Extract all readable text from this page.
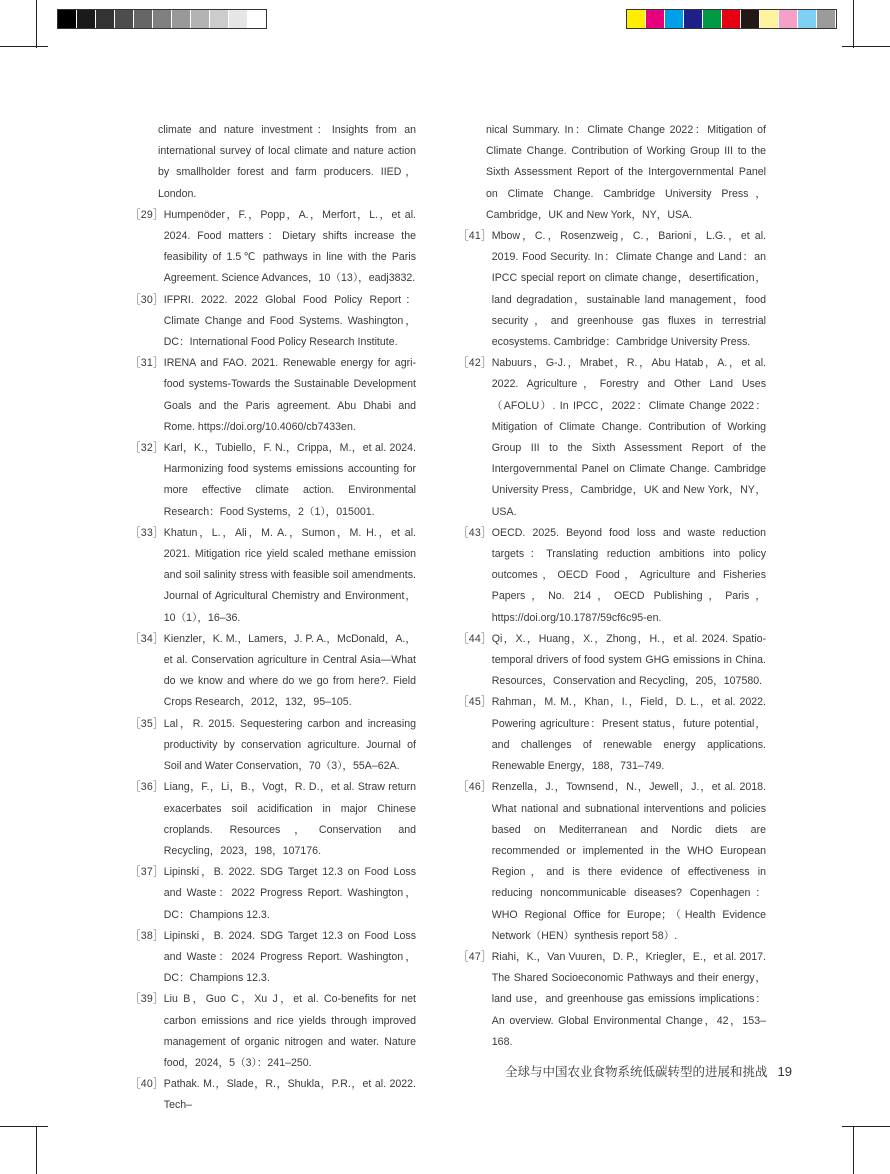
climate and nature investment：Insights from an international survey of local climate and nature action by smallholder forest and farm producers. IIED，London.
［29］ Humpenöder，F.，Popp，A.，Merfort，L.，et al. 2024. Food matters：Dietary shifts increase the feasibility of 1.5℃ pathways in line with the Paris Agreement. Science Advances，10（13），eadj3832.
［30］ IFPRI. 2022. 2022 Global Food Policy Report：Climate Change and Food Systems. Washington，DC：International Food Policy Research Institute.
［31］ IRENA and FAO. 2021. Renewable energy for agri-food systems-Towards the Sustainable Development Goals and the Paris agreement. Abu Dhabi and Rome. https://doi.org/10.4060/cb7433en.
［32］ Karl，K.，Tubiello，F. N.，Crippa，M.，et al. 2024. Harmonizing food systems emissions accounting for more effective climate action. Environmental Research：Food Systems，2（1），015001.
［33］ Khatun，L.，Ali，M. A.，Sumon，M. H.，et al. 2021. Mitigation rice yield scaled methane emission and soil salinity stress with feasible soil amendments. Journal of Agricultural Chemistry and Environment，10（1），16–36.
［34］ Kienzler，K. M.，Lamers，J. P. A.，McDonald，A.，et al. Conservation agriculture in Central Asia—What do we know and where do we go from here?. Field Crops Research，2012，132，95–105.
［35］ Lal，R. 2015. Sequestering carbon and increasing productivity by conservation agriculture. Journal of Soil and Water Conservation，70（3），55A–62A.
［36］ Liang，F.，Li，B.，Vogt，R. D.，et al. Straw return exacerbates soil acidification in major Chinese croplands. Resources，Conservation and Recycling，2023，198，107176.
［37］ Lipinski，B. 2022. SDG Target 12.3 on Food Loss and Waste：2022 Progress Report. Washington，DC：Champions 12.3.
［38］ Lipinski，B. 2024. SDG Target 12.3 on Food Loss and Waste：2024 Progress Report. Washington，DC：Champions 12.3.
［39］ Liu B，Guo C，Xu J，et al. Co-benefits for net carbon emissions and rice yields through improved management of organic nitrogen and water. Nature food，2024，5（3）：241–250.
［40］ Pathak. M.，Slade，R.，Shukla，P.R.，et al. 2022. Tech–
nical Summary. In：Climate Change 2022：Mitigation of Climate Change. Contribution of Working Group III to the Sixth Assessment Report of the Intergovernmental Panel on Climate Change. Cambridge University Press，Cambridge，UK and New York，NY，USA.
［41］ Mbow，C.，Rosenzweig，C.，Barioni，L.G.，et al. 2019. Food Security. In：Climate Change and Land：an IPCC special report on climate change，desertification，land degradation，sustainable land management，food security，and greenhouse gas fluxes in terrestrial ecosystems. Cambridge：Cambridge University Press.
［42］ Nabuurs，G-J.，Mrabet，R.，Abu Hatab，A.，et al. 2022. Agriculture，Forestry and Other Land Uses（AFOLU）. In IPCC，2022：Climate Change 2022：Mitigation of Climate Change. Contribution of Working Group III to the Sixth Assessment Report of the Intergovernmental Panel on Climate Change. Cambridge University Press，Cambridge，UK and New York，NY，USA.
［43］ OECD. 2025. Beyond food loss and waste reduction targets：Translating reduction ambitions into policy outcomes，OECD Food，Agriculture and Fisheries Papers，No. 214，OECD Publishing，Paris，https://doi.org/10.1787/59cf6c95-en.
［44］ Qi，X.，Huang，X.，Zhong，H.，et al. 2024. Spatio-temporal drivers of food system GHG emissions in China. Resources，Conservation and Recycling，205，107580.
［45］ Rahman，M. M.，Khan，I.，Field，D. L.，et al. 2022. Powering agriculture：Present status，future potential，and challenges of renewable energy applications. Renewable Energy，188，731–749.
［46］ Renzella，J.，Townsend，N.，Jewell，J.，et al. 2018. What national and subnational interventions and policies based on Mediterranean and Nordic diets are recommended or implemented in the WHO European Region，and is there evidence of effectiveness in reducing noncommunicable diseases? Copenhagen：WHO Regional Office for Europe；（Health Evidence Network（HEN）synthesis report 58）.
［47］ Riahi，K.，Van Vuuren，D. P.，Kriegler，E.，et al. 2017. The Shared Socioeconomic Pathways and their energy，land use，and greenhouse gas emissions implications：An overview. Global Environmental Change，42，153–168.
全球与中国农业食物系统低碳转型的进展和挑战 19
